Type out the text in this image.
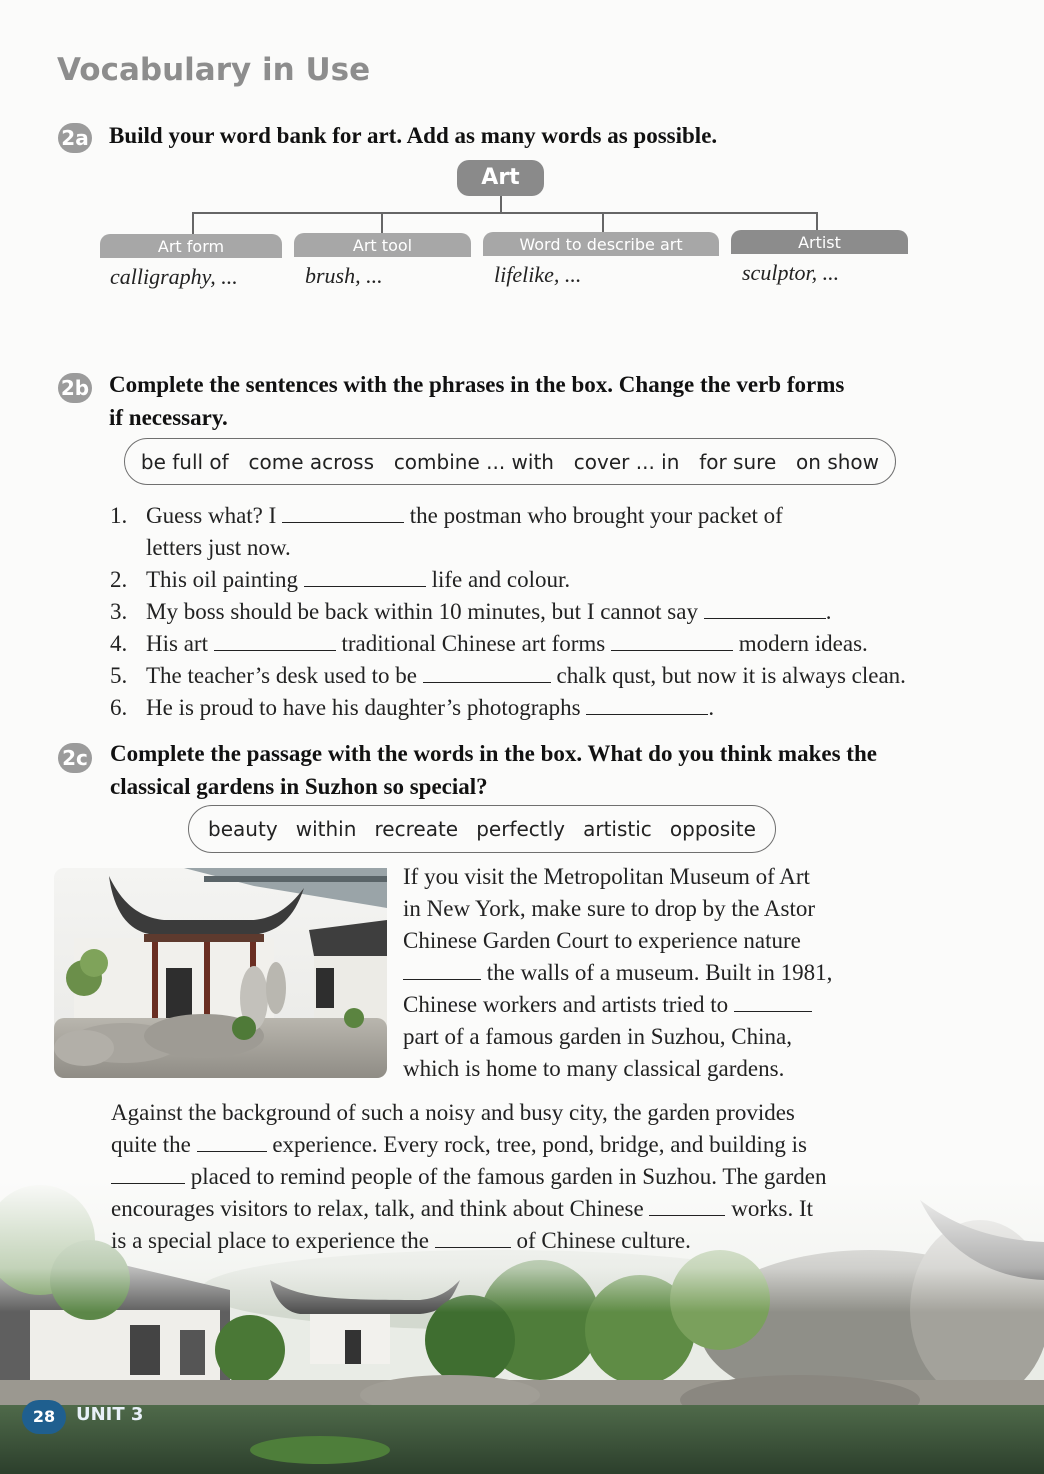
Vocabulary in Use
2a Build your word bank for art. Add as many words as possible.
Art
Art form	Art tool	Word to describe art	Artist
calligraphy, ...	brush, ...	lifelike, ...	sculptor, ...
2b Complete the sentences with the phrases in the box. Change the verb forms
if necessary.
be full of come across combine ... with cover ... in for sure on show
1. Guess what? I	the postman who brought your packet of
letters just now.
2. This oil painting	life and colour.
3. My boss should be back within 10 minutes, but I cannot say	.
4. His art	traditional Chinese art forms	modern ideas.
5. The teacher’s desk used to be	chalk qust, but now it is always clean.
6. He is proud to have his daughter’s photographs	.
2c Complete the passage with the words in the box. What do you think makes the
classical gardens in Suzhon so special?
beauty within recreate perfectly artistic opposite
If you visit the Metropolitan Museum of Art
in New York, make sure to drop by the Astor
Chinese Garden Court to experience nature
the walls of a museum. Built in 1981,
Chinese workers and artists tried to
part of a famous garden in Suzhou, China,
which is home to many classical gardens.
Against the background of such a noisy and busy city, the garden provides
quite the	experience. Every rock, tree, pond, bridge, and building is
placed to remind people of the famous garden in Suzhou. The garden
encourages visitors to relax, talk, and think about Chinese	works. It
is a special place to experience the	of Chinese culture.
28	UNIT 3
